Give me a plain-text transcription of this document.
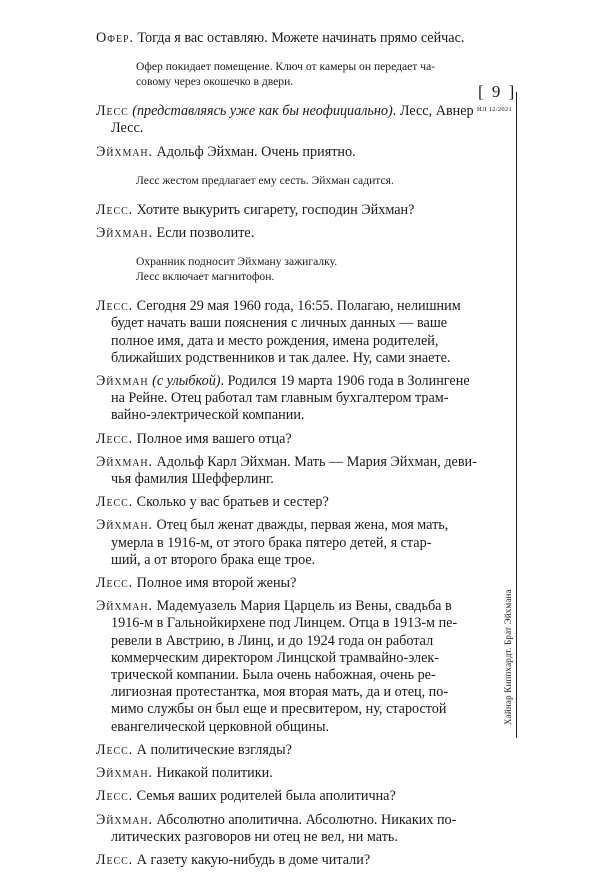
Офер. Тогда я вас оставляю. Можете начинать прямо сейчас.

Офер покидает помещение. Ключ от камеры он передает ча-

совому через окошечко в двери.

Лесс (представляясь уже как бы неофициально). Лесс, Авнер

Лесс.

Эйхман. Адольф Эйхман. Очень приятно.

Лесс жестом предлагает ему сесть. Эйхман садится.

Лесс. Хотите выкурить сигарету, господин Эйхман?

Эйхман. Если позволите.

Охранник подносит Эйхману зажигалку.

Лесс включает магнитофон.

Лесс. Сегодня 29 мая 1960 года, 16:55. Полагаю, нелишним

будет начать ваши пояснения с личных данных — ваше

полное имя, дата и место рождения, имена родителей,

ближайших родственников и так далее. Ну, сами знаете.

Эйхман (с улыбкой). Родился 19 марта 1906 года в Золингене

на Рейне. Отец работал там главным бухгалтером трам-

вайно-электрической компании.

Лесс. Полное имя вашего отца?

Эйхман. Адольф Карл Эйхман. Мать — Мария Эйхман, деви-

чья фамилия Шефферлинг.

Лесс. Сколько у вас братьев и сестер?

Эйхман. Отец был женат дважды, первая жена, моя мать,

умерла в 1916-м, от этого брака пятеро детей, я стар-

ший, а от второго брака еще трое.

Лесс. Полное имя второй жены?

Эйхман. Мадемуазель Мария Царцель из Вены, свадьба в

1916-м в Гальнойкирхене под Линцем. Отца в 1913-м пе-

ревели в Австрию, в Линц, и до 1924 года он работал

коммерческим директором Линцской трамвайно-элек-

трической компании. Была очень набожная, очень ре-

лигиозная протестантка, моя вторая мать, да и отец, по-

мимо службы он был еще и пресвитером, ну, старостой

евангелической церковной общины.

Лесс. А политические взгляды?

Эйхман. Никакой политики.

Лесс. Семья ваших родителей была аполитична?

Эйхман. Абсолютно аполитична. Абсолютно. Никаких по-

литических разговоров ни отец не вел, ни мать.

Лесс. А газету какую-нибудь в доме читали?

[ 9 ]
ИЛ 12/2021
Хайнар Киппхардт. Брат Эйхмана
